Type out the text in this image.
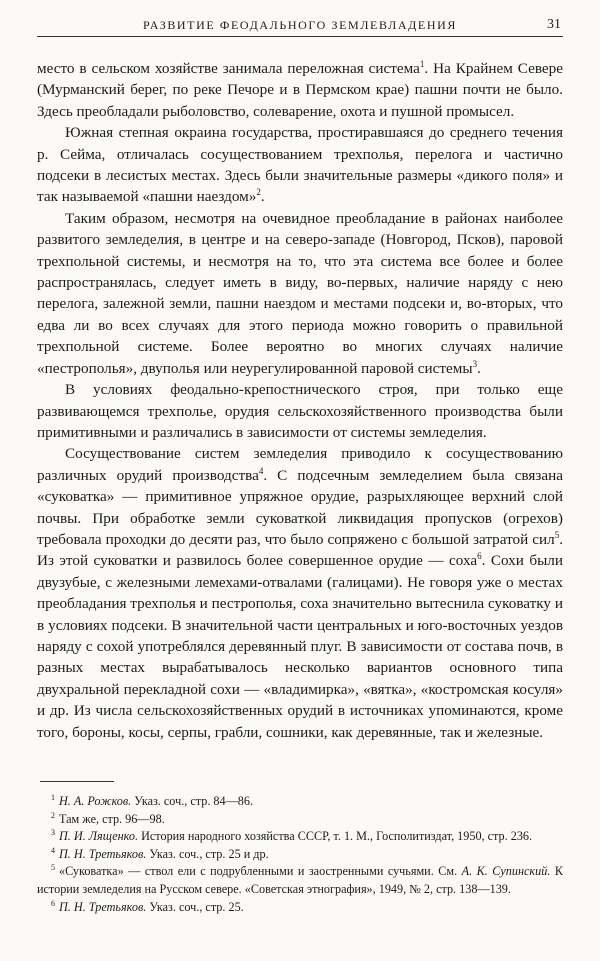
РАЗВИТИЕ ФЕОДАЛЬНОГО ЗЕМЛЕВЛАДЕНИЯ	31

место в сельском хозяйстве занимала переложная система$^1$. На Крайнем Севере (Мурманский берег, по реке Печоре и в Пермском крае) пашни почти не было. Здесь преобладали рыболовство, солеварение, охота и пушной промысел.

Южная степная окраина государства, простиравшаяся до среднего течения р. Сейма, отличалась сосуществованием трехполья, перелога и частично подсеки в лесистых местах. Здесь были значительные размеры «дикого поля» и так называемой «пашни наездом»$^2$.

Таким образом, несмотря на очевидное преобладание в районах наиболее развитого земледелия, в центре и на северо-западе (Новгород, Псков), паровой трехпольной системы, и несмотря на то, что эта система все более и более распространялась, следует иметь в виду, во-первых, наличие наряду с нею перелога, залежной земли, пашни наездом и местами подсеки и, во-вторых, что едва ли во всех случаях для этого периода можно говорить о правильной трехпольной системе. Более вероятно во многих случаях наличие «пестрополья», двуполья или неурегулированной паровой системы$^3$.

В условиях феодально-крепостнического строя, при только еще развивающемся трехполье, орудия сельскохозяйственного производства были примитивными и различались в зависимости от системы земледелия.

Сосуществование систем земледелия приводило к сосуществованию различных орудий производства$^4$. С подсечным земледелием была связана «суковатка» — примитивное упряжное орудие, разрыхляющее верхний слой почвы. При обработке земли суковаткой ликвидация пропусков (огрехов) требовала проходки до десяти раз, что было сопряжено с большой затратой сил$^5$. Из этой суковатки и развилось более совершенное орудие — соха$^6$. Сохи были двузубые, с железными лемехами-отвалами (галицами). Не говоря уже о местах преобладания трехполья и пестрополья, соха значительно вытеснила суковатку и в условиях подсеки. В значительной части центральных и юго-восточных уездов наряду с сохой употреблялся деревянный плуг. В зависимости от состава почв, в разных местах вырабатывалось несколько вариантов основного типа двухральной перекладной сохи — «владимирка», «вятка», «костромская косуля» и др. Из числа сельскохозяйственных орудий в источниках упоминаются, кроме того, бороны, косы, серпы, грабли, сошники, как деревянные, так и железные.

$^1$ Н. А. Рожков. Указ. соч., стр. 84—86.

$^2$ Там же, стр. 96—98.

$^3$ П. И. Лященко. История народного хозяйства СССР, т. 1. М., Госполитиздат, 1950, стр. 236.

$^4$ П. Н. Третьяков. Указ. соч., стр. 25 и др.

$^5$ «Суковатка» — ствол ели с подрубленными и заостренными сучьями. См. А. К. Супинский. К истории земледелия на Русском севере. «Советская этнография», 1949, № 2, стр. 138—139.

$^6$ П. Н. Третьяков. Указ. соч., стр. 25.
